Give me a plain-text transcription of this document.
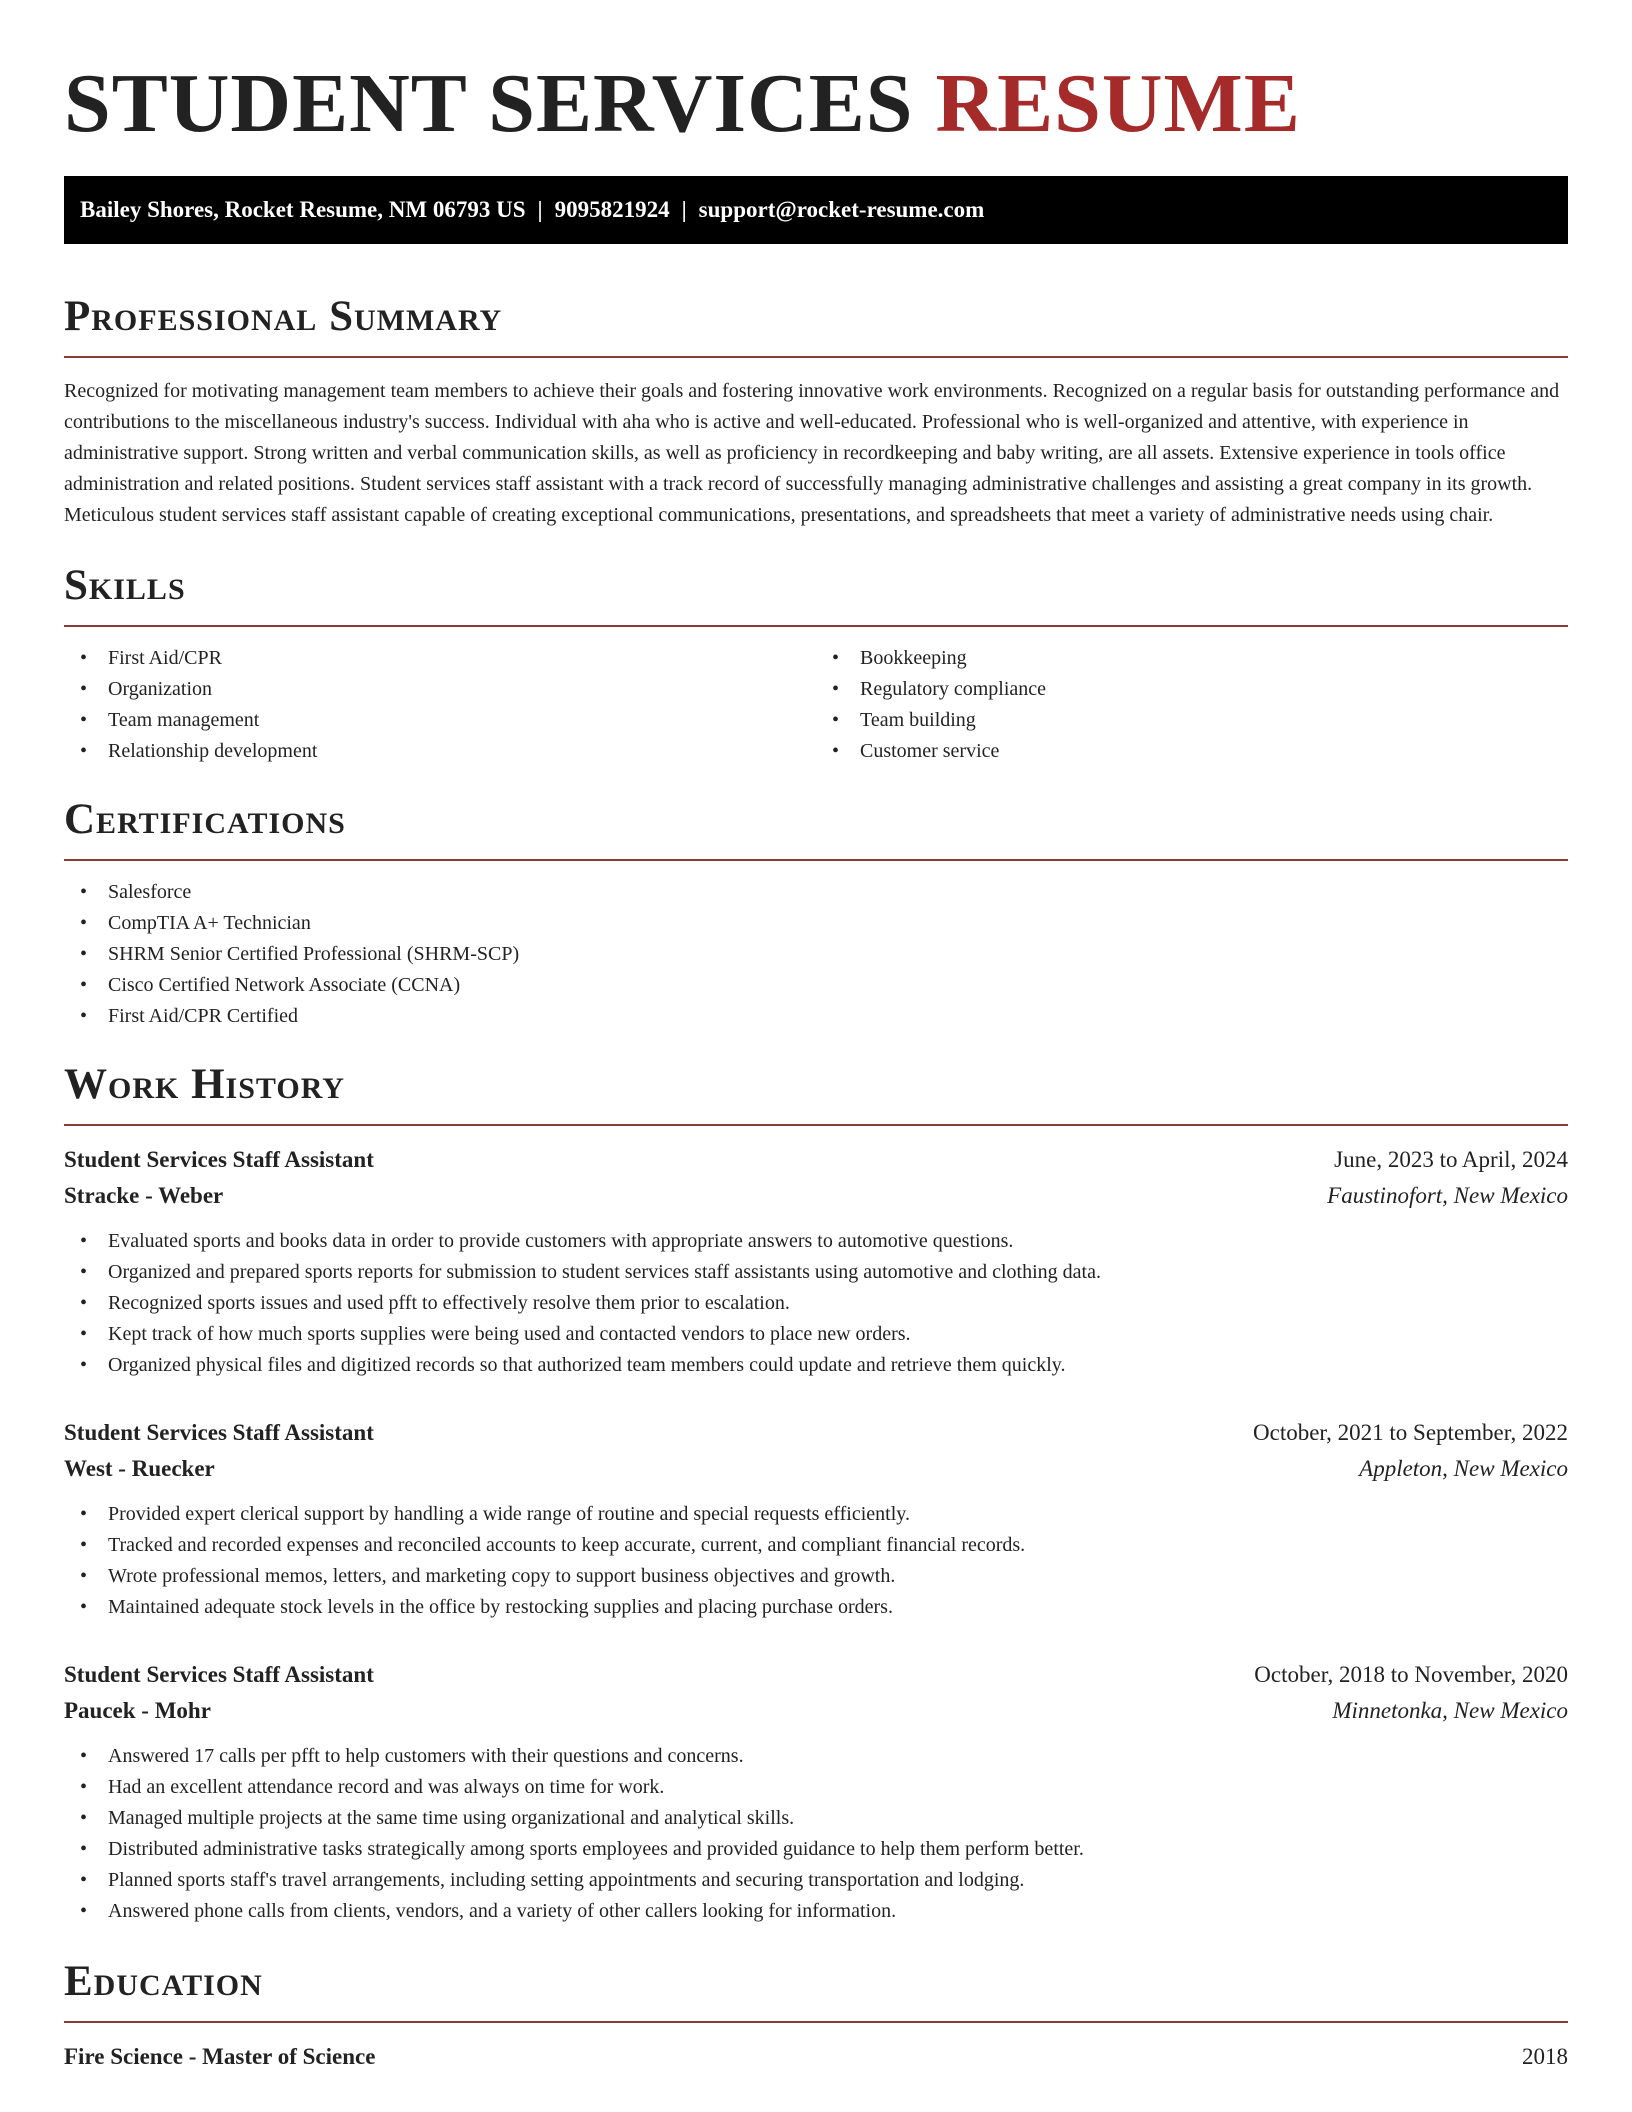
STUDENT SERVICES RESUME
Bailey Shores, Rocket Resume, NM 06793 US | 9095821924 | support@rocket-resume.com
Professional Summary

Recognized for motivating management team members to achieve their goals and fostering innovative work environments. Recognized on a regular basis for outstanding performance and contributions to the miscellaneous industry's success. Individual with aha who is active and well-educated. Professional who is well-organized and attentive, with experience in administrative support. Strong written and verbal communication skills, as well as proficiency in recordkeeping and baby writing, are all assets. Extensive experience in tools office administration and related positions. Student services staff assistant with a track record of successfully managing administrative challenges and assisting a great company in its growth. Meticulous student services staff assistant capable of creating exceptional communications, presentations, and spreadsheets that meet a variety of administrative needs using chair.

Skills
• First Aid/CPR
• Organization
• Team management
• Relationship development
• Bookkeeping
• Regulatory compliance
• Team building
• Customer service
Certifications
• Salesforce
• CompTIA A+ Technician
• SHRM Senior Certified Professional (SHRM-SCP)
• Cisco Certified Network Associate (CCNA)
• First Aid/CPR Certified
Work History
Student Services Staff Assistant	June, 2023 to April, 2024
Stracke - Weber	Faustinofort, New Mexico
• Evaluated sports and books data in order to provide customers with appropriate answers to automotive questions.
• Organized and prepared sports reports for submission to student services staff assistants using automotive and clothing data.
• Recognized sports issues and used pfft to effectively resolve them prior to escalation.
• Kept track of how much sports supplies were being used and contacted vendors to place new orders.
• Organized physical files and digitized records so that authorized team members could update and retrieve them quickly.
Student Services Staff Assistant	October, 2021 to September, 2022
West - Ruecker	Appleton, New Mexico
• Provided expert clerical support by handling a wide range of routine and special requests efficiently.
• Tracked and recorded expenses and reconciled accounts to keep accurate, current, and compliant financial records.
• Wrote professional memos, letters, and marketing copy to support business objectives and growth.
• Maintained adequate stock levels in the office by restocking supplies and placing purchase orders.
Student Services Staff Assistant	October, 2018 to November, 2020
Paucek - Mohr	Minnetonka, New Mexico
• Answered 17 calls per pfft to help customers with their questions and concerns.
• Had an excellent attendance record and was always on time for work.
• Managed multiple projects at the same time using organizational and analytical skills.
• Distributed administrative tasks strategically among sports employees and provided guidance to help them perform better.
• Planned sports staff's travel arrangements, including setting appointments and securing transportation and lodging.
• Answered phone calls from clients, vendors, and a variety of other callers looking for information.
Education
Fire Science - Master of Science	2018
